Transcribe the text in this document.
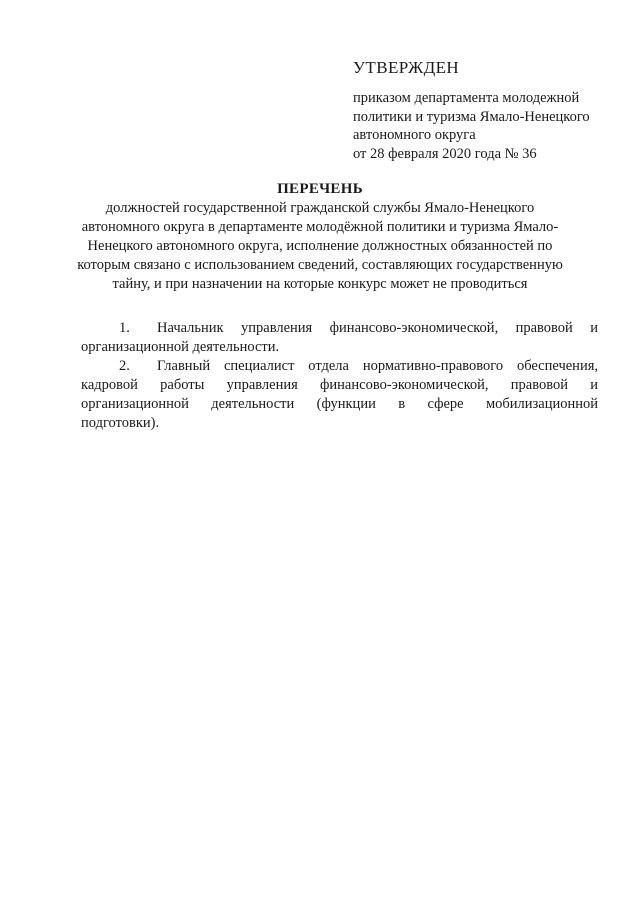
УТВЕРЖДЕН
приказом департамента молодежной
политики и туризма Ямало-Ненецкого
автономного округа
от 28 февраля 2020 года № 36
ПЕРЕЧЕНЬ
должностей государственной гражданской службы Ямало-Ненецкого
автономного округа в департаменте молодёжной политики и туризма Ямало-
Ненецкого автономного округа, исполнение должностных обязанностей по
которым связано с использованием сведений, составляющих государственную
тайну, и при назначении на которые конкурс может не проводиться
1. Начальник управления финансово-экономической, правовой и
организационной деятельности.
2. Главный специалист отдела нормативно-правового обеспечения,
кадровой работы управления финансово-экономической, правовой и
организационной деятельности (функции в сфере мобилизационной
подготовки).
